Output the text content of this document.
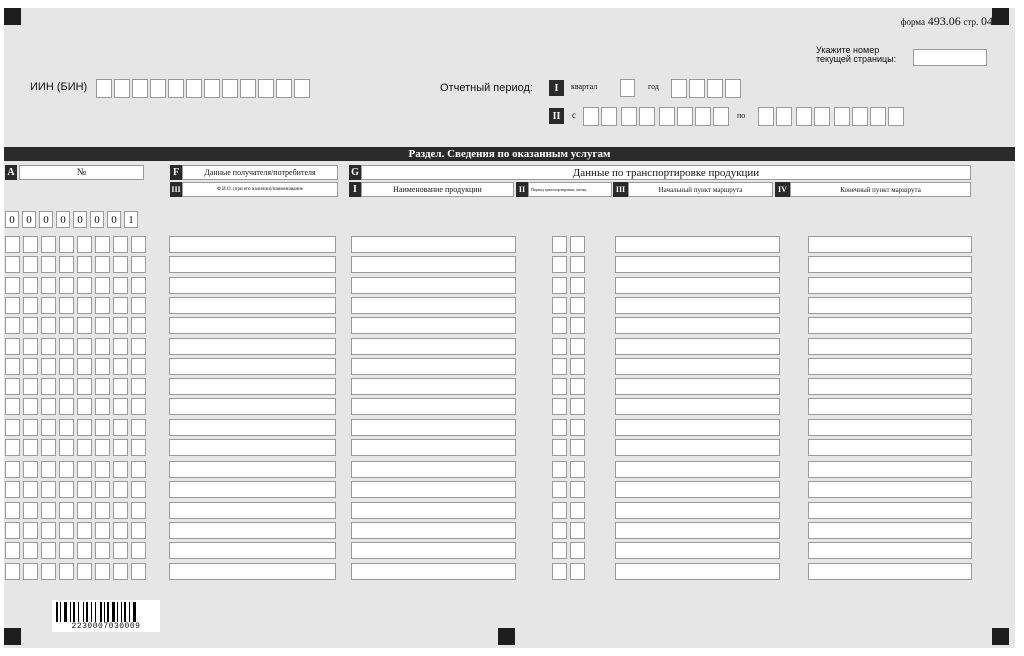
форма 493.06 стр. 04
Укажите номер
текущей страницы:
ИИН (БИН)	Отчетный период:	I	квартал	год
II	с	по
Раздел. Сведения по оказанным услугам
A	№	F	Данные получателя/потребителя
III	Ф.И.О. (при его наличии)/наименование
G	Данные по транспортировке продукции
I	Наименование продукции	II	Период транспортировки, месяц	III	Начальный пункт маршрута	IV	Конечный пункт маршрута
2230007030009
0	0	0	0	0	0	0	1
